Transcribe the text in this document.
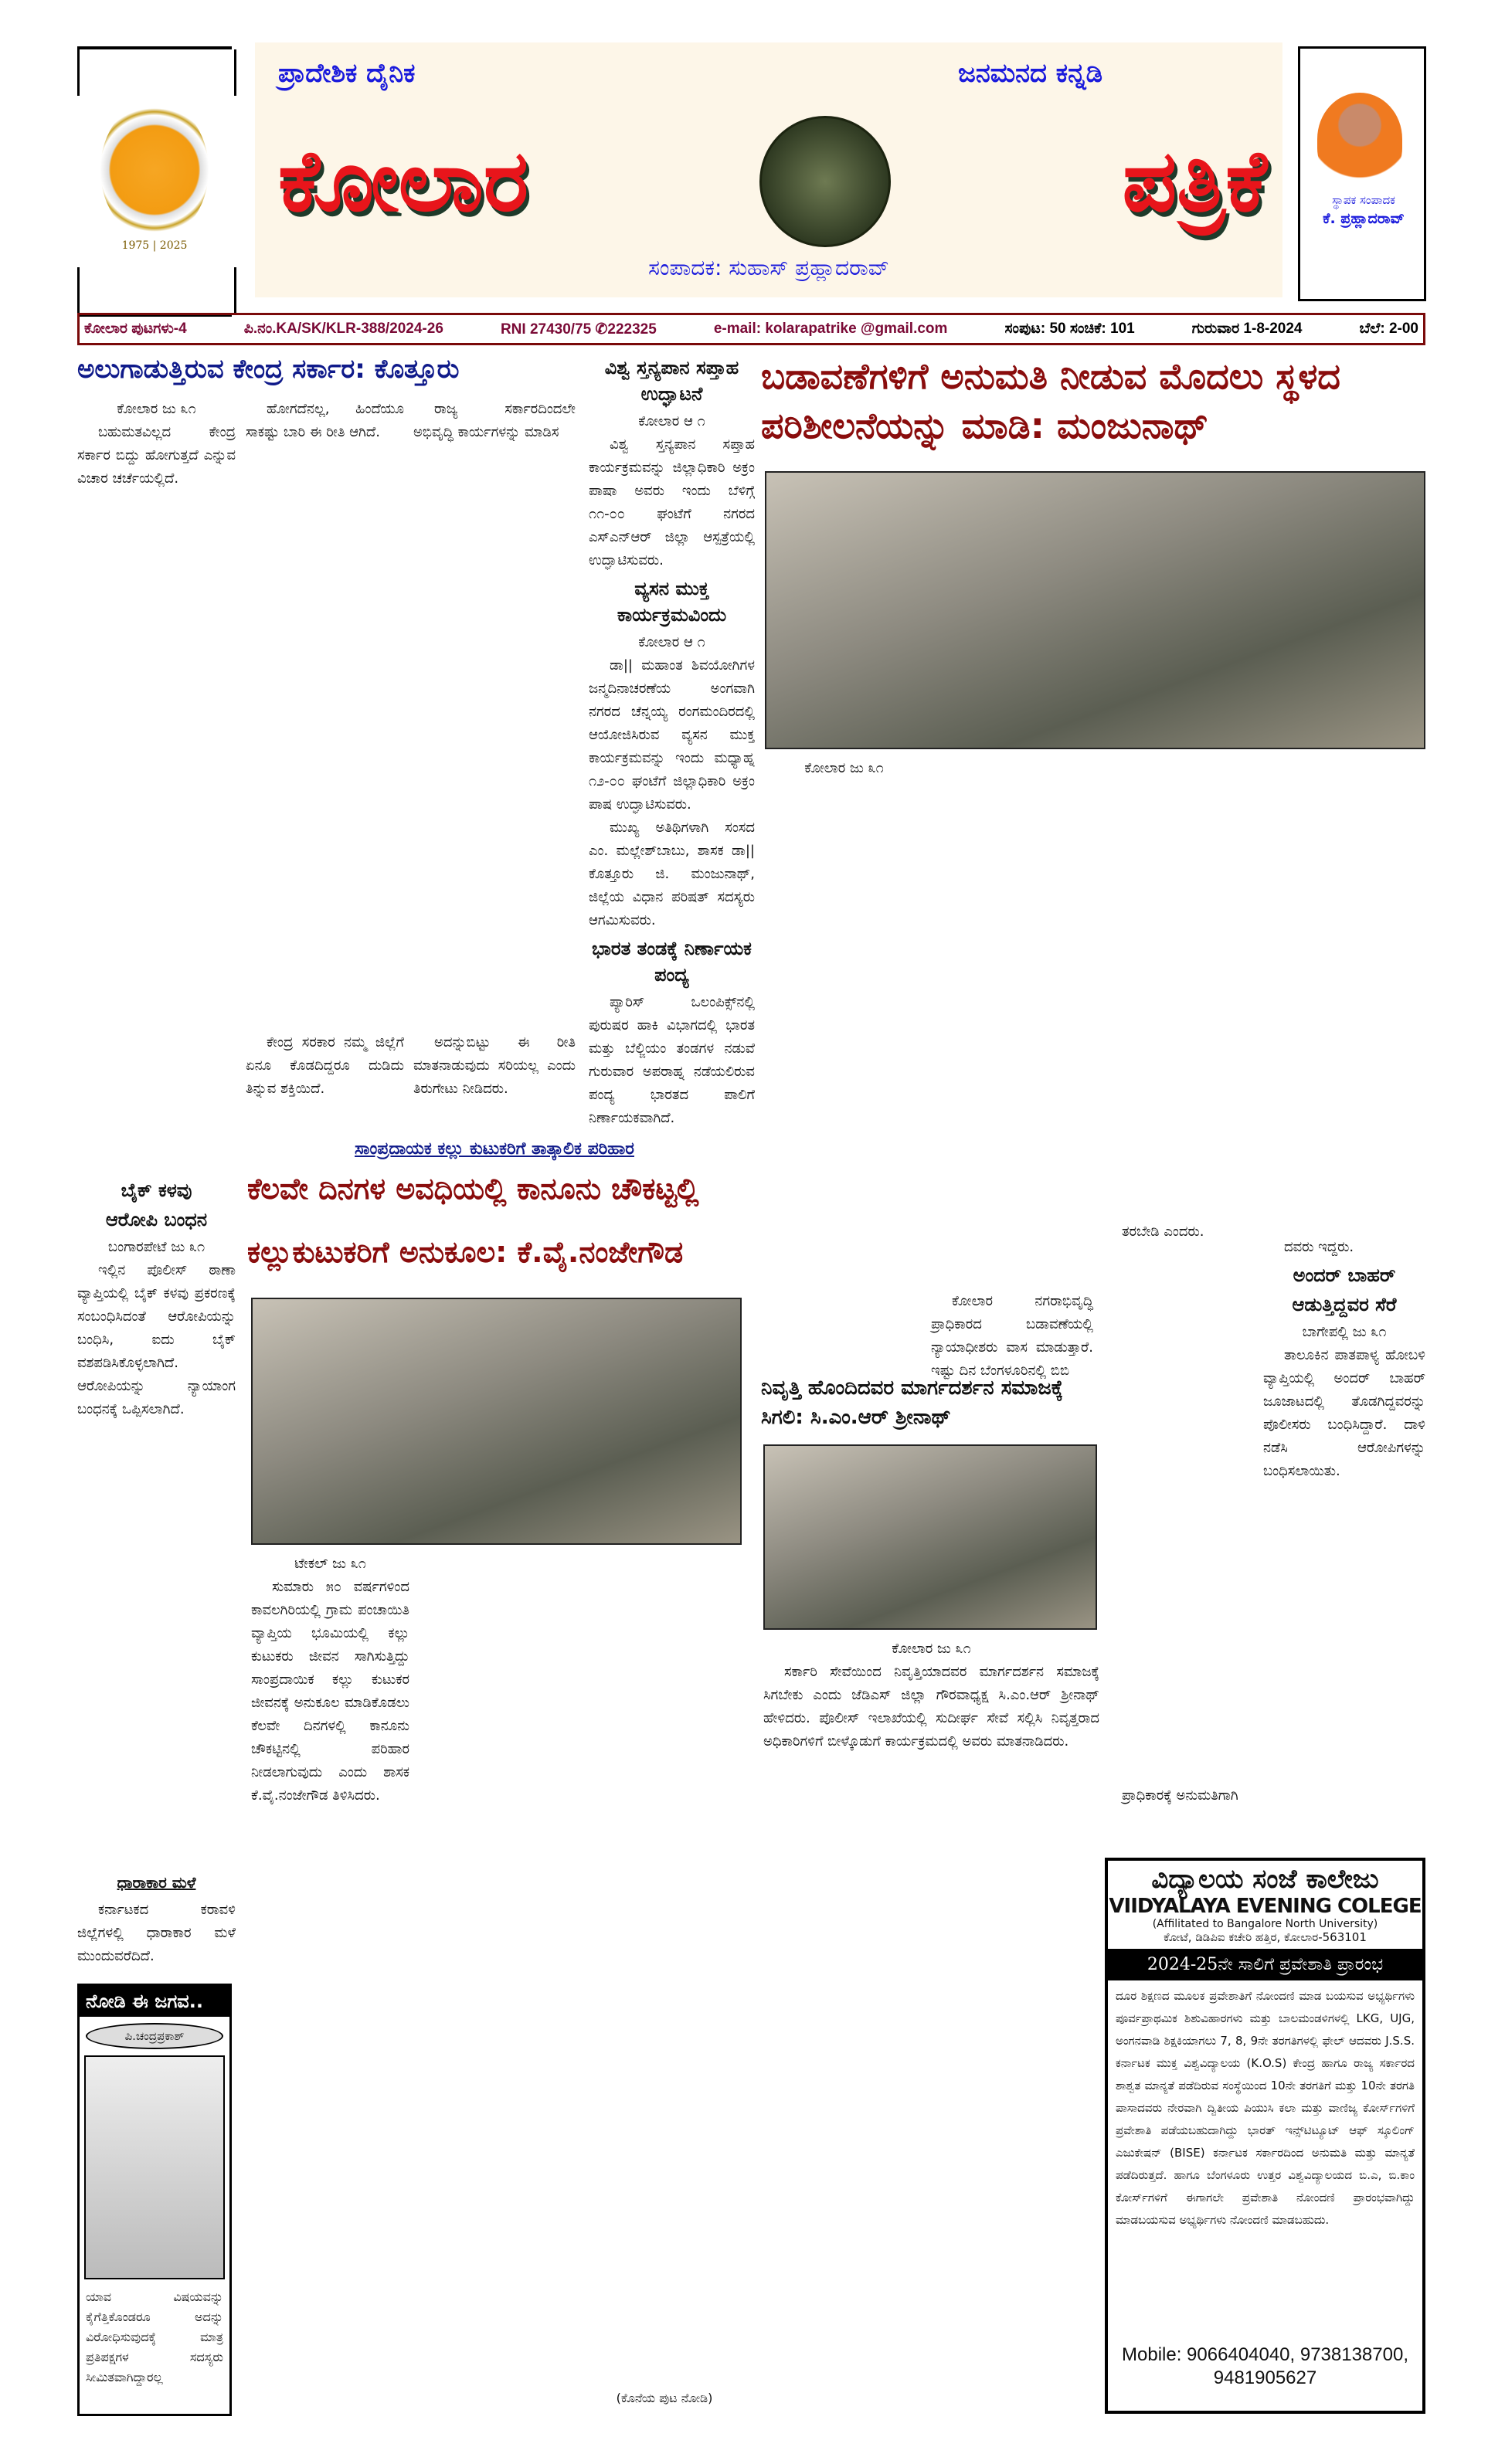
1975 | 2025
ಪ್ರಾದೇಶಿಕ ದೈನಿಕ	ಜನಮನದ ಕನ್ನಡಿ
ಕೋಲಾರ	ಪತ್ರಿಕೆ
ಸಂಪಾದಕ: ಸುಹಾಸ್ ಪ್ರಹ್ಲಾದರಾವ್
ಸ್ಥಾಪಕ ಸಂಪಾದಕ
ಕೆ. ಪ್ರಹ್ಲಾದರಾವ್
ಕೋಲಾರ ಪುಟಗಳು-4	ಪಿ.ನಂ.KA/SK/KLR-388/2024-26	RNI 27430/75 ✆222325	e-mail: kolarapatrike @gmail.com	ಸಂಪುಟ: 50 ಸಂಚಿಕೆ: 101	ಗುರುವಾರ 1-8-2024	ಬೆಲೆ: 2-00
ಅಲುಗಾಡುತ್ತಿರುವ ಕೇಂದ್ರ ಸರ್ಕಾರ: ಕೊತ್ತೂರು
ಕೋಲಾರ ಜು ೩೧

ಬಹುಮತವಿಲ್ಲದ ಕೇಂದ್ರ ಸರ್ಕಾರ ಬಿದ್ದು ಹೋಗುತ್ತದೆ ಎನ್ನುವ ವಿಚಾರ ಚರ್ಚೆಯಲ್ಲಿದೆ.

ಹೋಗದೆನಲ್ಲ, ಹಿಂದೆಯೂ ಸಾಕಷ್ಟು ಬಾರಿ ಈ ರೀತಿ ಆಗಿದೆ.

ಕೇಂದ್ರ ಸರಕಾರ ನಮ್ಮ ಜಿಲ್ಲೆಗೆ ಏನೂ ಕೊಡದಿದ್ದರೂ ದುಡಿದು ತಿನ್ನುವ ಶಕ್ತಿಯಿದೆ.

ರಾಜ್ಯ ಸರ್ಕಾರದಿಂದಲೇ ಅಭಿವೃದ್ಧಿ ಕಾರ್ಯಗಳನ್ನು ಮಾಡಿಸ

ಅದನ್ನುಬಿಟ್ಟು ಈ ರೀತಿ ಮಾತನಾಡುವುದು ಸರಿಯಲ್ಲ ಎಂದು ತಿರುಗೇಟು ನೀಡಿದರು.

ವಿಶ್ವ ಸ್ತನ್ಯಪಾನ ಸಪ್ತಾಹ ಉದ್ಘಾಟನೆ
ಕೋಲಾರ ಆ ೧

ವಿಶ್ವ ಸ್ತನ್ಯಪಾನ ಸಪ್ತಾಹ ಕಾರ್ಯಕ್ರಮವನ್ನು ಜಿಲ್ಲಾಧಿಕಾರಿ ಅಕ್ರಂ ಪಾಷಾ ಅವರು ಇಂದು ಬೆಳಿಗ್ಗೆ ೧೧-೦೦ ಘಂಟೆಗೆ ನಗರದ ಎಸ್ಎನ್ಆರ್ ಜಿಲ್ಲಾ ಆಸ್ಪತ್ರೆಯಲ್ಲಿ ಉದ್ಘಾಟಿಸುವರು.

ವ್ಯಸನ ಮುಕ್ತ ಕಾರ್ಯಕ್ರಮವಿಂದು
ಕೋಲಾರ ಆ ೧

ಡಾ|| ಮಹಾಂತ ಶಿವಯೋಗಿಗಳ ಜನ್ಮದಿನಾಚರಣೆಯ ಅಂಗವಾಗಿ ನಗರದ ಚೆನ್ನಯ್ಯ ರಂಗಮಂದಿರದಲ್ಲಿ ಆಯೋಜಿಸಿರುವ ವ್ಯಸನ ಮುಕ್ತ ಕಾರ್ಯಕ್ರಮವನ್ನು ಇಂದು ಮಧ್ಯಾಹ್ನ ೧೨-೦೦ ಘಂಟೆಗೆ ಜಿಲ್ಲಾಧಿಕಾರಿ ಅಕ್ರಂ ಪಾಷ ಉದ್ಘಾಟಿಸುವರು.

ಮುಖ್ಯ ಅತಿಥಿಗಳಾಗಿ ಸಂಸದ ಎಂ. ಮಲ್ಲೇಶ್‌ಬಾಬು, ಶಾಸಕ ಡಾ|| ಕೊತ್ತೂರು ಜಿ. ಮಂಜುನಾಥ್, ಜಿಲ್ಲೆಯ ವಿಧಾನ ಪರಿಷತ್ ಸದಸ್ಯರು ಆಗಮಿಸುವರು.

ಭಾರತ ತಂಡಕ್ಕೆ ನಿರ್ಣಾಯಕ ಪಂದ್ಯ

ಪ್ಯಾರಿಸ್ ಒಲಂಪಿಕ್ಸ್‌ನಲ್ಲಿ ಪುರುಷರ ಹಾಕಿ ವಿಭಾಗದಲ್ಲಿ ಭಾರತ ಮತ್ತು ಬೆಲ್ಜಿಯಂ ತಂಡಗಳ ನಡುವೆ ಗುರುವಾರ ಅಪರಾಹ್ನ ನಡೆಯಲಿರುವ ಪಂದ್ಯ ಭಾರತದ ಪಾಲಿಗೆ ನಿರ್ಣಾಯಕವಾಗಿದೆ.

ಬಡಾವಣೆಗಳಿಗೆ ಅನುಮತಿ ನೀಡುವ ಮೊದಲು ಸ್ಥಳದ ಪರಿಶೀಲನೆಯನ್ನು ಮಾಡಿ: ಮಂಜುನಾಥ್
ಕೋಲಾರ ಜು ೩೧

ಕೋಲಾರ ನಗರಾಭಿವೃದ್ಧಿ ಪ್ರಾಧಿಕಾರದ ಬಡಾವಣೆಯಲ್ಲಿ ನ್ಯಾಯಾಧೀಶರು ವಾಸ ಮಾಡುತ್ತಾರೆ. ಇಷ್ಟು ದಿನ ಬೆಂಗಳೂರಿನಲ್ಲಿ ಬಿಬಿ

ತರಬೇಡಿ ಎಂದರು.

ಪ್ರಾಧಿಕಾರಕ್ಕೆ ಅನುಮತಿಗಾಗಿ

ದವರು ಇದ್ದರು.

ಅಂದರ್ ಬಾಹರ್
ಆಡುತ್ತಿದ್ದವರ ಸೆರೆ
ಬಾಗೇಪಲ್ಲಿ ಜು ೩೧

ತಾಲೂಕಿನ ಪಾತಪಾಳ್ಯ ಹೋಬಳಿ ವ್ಯಾಪ್ತಿಯಲ್ಲಿ ಅಂದರ್ ಬಾಹರ್ ಜೂಜಾಟದಲ್ಲಿ ತೊಡಗಿದ್ದವರನ್ನು ಪೊಲೀಸರು ಬಂಧಿಸಿದ್ದಾರೆ. ದಾಳಿ ನಡೆಸಿ ಆರೋಪಿಗಳನ್ನು ಬಂಧಿಸಲಾಯಿತು.

ಸಾಂಪ್ರದಾಯಕ ಕಲ್ಲು ಕುಟುಕರಿಗೆ ತಾತ್ಕಾಲಿಕ ಪರಿಹಾರ
ಕೆಲವೇ ದಿನಗಳ ಅವಧಿಯಲ್ಲಿ ಕಾನೂನು ಚೌಕಟ್ಟಲ್ಲಿ
ಕಲ್ಲುಕುಟುಕರಿಗೆ ಅನುಕೂಲ: ಕೆ.ವೈ.ನಂಜೇಗೌಡ
ಟೇಕಲ್ ಜು ೩೧

ಸುಮಾರು ೫೦ ವರ್ಷಗಳಿಂದ ಕಾವಲಗಿರಿಯಲ್ಲಿ ಗ್ರಾಮ ಪಂಚಾಯಿತಿ ವ್ಯಾಪ್ತಿಯ ಭೂಮಿಯಲ್ಲಿ ಕಲ್ಲು ಕುಟುಕರು ಜೀವನ ಸಾಗಿಸುತ್ತಿದ್ದು ಸಾಂಪ್ರದಾಯಿಕ ಕಲ್ಲು ಕುಟುಕರ ಜೀವನಕ್ಕೆ ಅನುಕೂಲ ಮಾಡಿಕೊಡಲು ಕೆಲವೇ ದಿನಗಳಲ್ಲಿ ಕಾನೂನು ಚೌಕಟ್ಟಿನಲ್ಲಿ ಪರಿಹಾರ ನೀಡಲಾಗುವುದು ಎಂದು ಶಾಸಕ ಕೆ.ವೈ.ನಂಜೇಗೌಡ ತಿಳಿಸಿದರು.

ಬೈಕ್ ಕಳವು
ಆರೋಪಿ ಬಂಧನ
ಬಂಗಾರಪೇಟೆ ಜು ೩೧

ಇಲ್ಲಿನ ಪೊಲೀಸ್ ಠಾಣಾ ವ್ಯಾಪ್ತಿಯಲ್ಲಿ ಬೈಕ್ ಕಳವು ಪ್ರಕರಣಕ್ಕೆ ಸಂಬಂಧಿಸಿದಂತೆ ಆರೋಪಿಯನ್ನು ಬಂಧಿಸಿ, ಐದು ಬೈಕ್ ವಶಪಡಿಸಿಕೊಳ್ಳಲಾಗಿದೆ. ಆರೋಪಿಯನ್ನು ನ್ಯಾಯಾಂಗ ಬಂಧನಕ್ಕೆ ಒಪ್ಪಿಸಲಾಗಿದೆ.

ಧಾರಾಕಾರ ಮಳೆ

ಕರ್ನಾಟಕದ ಕರಾವಳಿ ಜಿಲ್ಲೆಗಳಲ್ಲಿ ಧಾರಾಕಾರ ಮಳೆ ಮುಂದುವರೆದಿದೆ.

ನೋಡಿ ಈ ಜಗವ..
ಪಿ.ಚಂದ್ರಪ್ರಕಾಶ್
ಯಾವ ವಿಷಯವನ್ನು ಕೈಗೆತ್ತಿಕೊಂಡರೂ ಅದನ್ನು ವಿರೋಧಿಸುವುದಕ್ಕೆ ಮಾತ್ರ ಪ್ರತಿಪಕ್ಷಗಳ ಸದಸ್ಯರು ಸೀಮಿತವಾಗಿದ್ದಾರಲ್ಲ
ನಿವೃತ್ತಿ ಹೊಂದಿದವರ ಮಾರ್ಗದರ್ಶನ ಸಮಾಜಕ್ಕೆ ಸಿಗಲಿ: ಸಿ.ಎಂ.ಆರ್ ಶ್ರೀನಾಥ್
ಕೋಲಾರ ಜು ೩೧

ಸರ್ಕಾರಿ ಸೇವೆಯಿಂದ ನಿವೃತ್ತಿಯಾದವರ ಮಾರ್ಗದರ್ಶನ ಸಮಾಜಕ್ಕೆ ಸಿಗಬೇಕು ಎಂದು ಜೆಡಿಎಸ್ ಜಿಲ್ಲಾ ಗೌರವಾಧ್ಯಕ್ಷ ಸಿ.ಎಂ.ಆರ್ ಶ್ರೀನಾಥ್ ಹೇಳಿದರು. ಪೊಲೀಸ್ ಇಲಾಖೆಯಲ್ಲಿ ಸುದೀರ್ಘ ಸೇವೆ ಸಲ್ಲಿಸಿ ನಿವೃತ್ತರಾದ ಅಧಿಕಾರಿಗಳಿಗೆ ಬೀಳ್ಕೊಡುಗೆ ಕಾರ್ಯಕ್ರಮದಲ್ಲಿ ಅವರು ಮಾತನಾಡಿದರು.

(ಕೊನೆಯ ಪುಟ ನೋಡಿ)
ವಿದ್ಯಾಲಯ ಸಂಜೆ ಕಾಲೇಜು
VIIDYALAYA EVENING COLEGE
(Affilitated to Bangalore North University)
ಕೋಟೆ, ಡಿಡಿಪಿಐ ಕಚೇರಿ ಹತ್ತಿರ, ಕೋಲಾರ-563101
2024-25ನೇ ಸಾಲಿಗೆ ಪ್ರವೇಶಾತಿ ಪ್ರಾರಂಭ
ದೂರ ಶಿಕ್ಷಣದ ಮೂಲಕ ಪ್ರವೇಶಾತಿಗೆ ನೋಂದಣಿ ಮಾಡ ಬಯಸುವ ಅಭ್ಯರ್ಥಿಗಳು ಪೂರ್ವಪ್ರಾಥಮಿಕ ಶಿಶುವಿಹಾರಗಳು ಮತ್ತು ಬಾಲಮಂಡಳಿಗಳಲ್ಲಿ LKG, UJG, ಅಂಗನವಾಡಿ ಶಿಕ್ಷಕಿಯಾಗಲು 7, 8, 9ನೇ ತರಗತಿಗಳಲ್ಲಿ ಫೇಲ್ ಆದವರು J.S.S. ಕರ್ನಾಟಕ ಮುಕ್ತ ವಿಶ್ವವಿದ್ಯಾಲಯ (K.O.S) ಕೇಂದ್ರ ಹಾಗೂ ರಾಜ್ಯ ಸರ್ಕಾರದ ಶಾಶ್ವತ ಮಾನ್ಯತೆ ಪಡೆದಿರುವ ಸಂಸ್ಥೆಯಿಂದ 10ನೇ ತರಗತಿಗೆ ಮತ್ತು 10ನೇ ತರಗತಿ ಪಾಸಾದವರು ನೇರವಾಗಿ ದ್ವಿತೀಯ ಪಿಯುಸಿ ಕಲಾ ಮತ್ತು ವಾಣಿಜ್ಯ ಕೋರ್ಸ್‌ಗಳಿಗೆ ಪ್ರವೇಶಾತಿ ಪಡೆಯಬಹುದಾಗಿದ್ದು ಭಾರತ್ ಇನ್ಸ್‌ಟಿಟ್ಯೂಟ್ ಆಫ್ ಸ್ಕೂಲಿಂಗ್ ಎಜುಕೇಷನ್ (BISE) ಕರ್ನಾಟಕ ಸರ್ಕಾರದಿಂದ ಅನುಮತಿ ಮತ್ತು ಮಾನ್ಯತೆ ಪಡೆದಿರುತ್ತದೆ. ಹಾಗೂ ಬೆಂಗಳೂರು ಉತ್ತರ ವಿಶ್ವವಿದ್ಯಾಲಯದ ಬಿ.ಎ, ಬಿ.ಕಾಂ ಕೋರ್ಸ್‌ಗಳಿಗೆ ಈಗಾಗಲೇ ಪ್ರವೇಶಾತಿ ನೋಂದಣಿ ಪ್ರಾರಂಭವಾಗಿದ್ದು ಮಾಡಬಯಸುವ ಅಭ್ಯರ್ಥಿಗಳು ನೋಂದಣಿ ಮಾಡಬಹುದು.
Mobile: 9066404040, 9738138700, 9481905627
